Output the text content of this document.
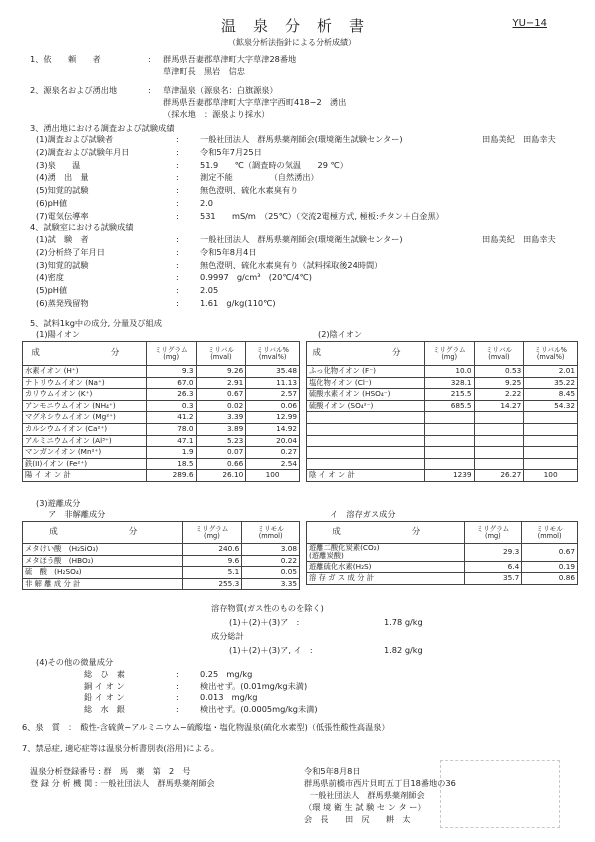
温泉分析書
（鉱泉分析法指針による分析成績）
YU−14
1、依　　頼　　者	: 群馬県吾妻郡草津町大字草津28番地
草津町長　黒岩　信忠
2、源泉名および湧出地	: 草津温泉（源泉名：白旗源泉）
群馬県吾妻郡草津町大字草津字西町418−2　湧出
（採水地　：源泉より採水）
3、湧出地における調査および試験成績
(1)調査および試験者	:	一般社団法人　群馬県薬剤師会(環境衛生試験センター)	田島美紀　田島幸夫
(2)調査および試験年月日	:	令和5年7月25日
(3)泉　　温	:	51.9　　℃（調査時の気温　　29 ℃）
(4)湧　出　量	:	測定不能　　　　　（自然湧出）
(5)知覚的試験	:	無色澄明、硫化水素臭有り
(6)pH値	:	2.0
(7)電気伝導率	:	531　　mS/m　（25℃）（交流2電極方式, 極板:チタン＋白金黒）
4、試験室における試験成績
(1)試　験　者	:	一般社団法人　群馬県薬剤師会(環境衛生試験センター)	田島美紀　田島幸夫
(2)分析終了年月日	:	令和5年8月4日
(3)知覚的試験	:	無色澄明、硫化水素臭有り（試料採取後24時間）
(4)密度	:	0.9997　g/cm³　(20℃/4℃)
(5)pH値	:	2.05
(6)蒸発残留物	:	1.61　g/kg(110℃)
5、試料1kg中の成分, 分量及び組成
(1)陽イオン	(2)陰イオン
成　　分	ミリグラム
(mg)	ミリバル
(mval)	ミリバル%
(mval%)
水素イオン (H⁺)	9.3	9.26	35.48
ナトリウムイオン (Na⁺)	67.0	2.91	11.13
カリウムイオン (K⁺)	26.3	0.67	2.57
アンモニウムイオン (NH₄⁺)	0.3	0.02	0.06
マグネシウムイオン (Mg²⁺)	41.2	3.39	12.99
カルシウムイオン (Ca²⁺)	78.0	3.89	14.92
アルミニウムイオン (Al³⁺)	47.1	5.23	20.04
マンガンイオン (Mn²⁺)	1.9	0.07	0.27
鉄(II)イオン (Fe²⁺)	18.5	0.66	2.54
陽 イ オ ン 計	289.6	26.10	100
成　　分	ミリグラム
(mg)	ミリバル
(mval)	ミリバル%
(mval%)
ふっ化物イオン (F⁻)	10.0	0.53	2.01
塩化物イオン (Cl⁻)	328.1	9.25	35.22
硫酸水素イオン (HSO₄⁻)	215.5	2.22	8.45
硫酸イオン (SO₄²⁻)	685.5	14.27	54.32

陰 イ オ ン 計	1239	26.27	100
(3)遊離成分
ア　非解離成分	イ　溶存ガス成分
成　　分	ミリグラム
(mg)	ミリモル
(mmol)
メタけい酸　(H₂SiO₃)	240.6	3.08
メタほう酸　(HBO₂)	9.6	0.22
硫　酸　(H₂SO₄)	5.1	0.05
非 解 離 成 分 計	255.3	3.35
成　　分	ミリグラム
(mg)	ミリモル
(mmol)

遊離二酸化炭素(CO₂)
(遊離炭酸)	29.3	0.67

遊離硫化水素(H₂S)	6.4	0.19
溶 存 ガ ス 成 分 計	35.7	0.86
溶存物質(ガス性のものを除く)
(1)＋(2)＋(3)ア　:	1.78 g/kg
成分総計
(1)＋(2)＋(3)ア, イ　:	1.82 g/kg
(4)その他の微量成分
総　ひ　素	:	0.25　mg/kg
銅 イ オ ン	:	検出せず。(0.01mg/kg未満)
鉛 イ オ ン	:	0.013　mg/kg
総　水　銀	:	検出せず。(0.0005mg/kg未満)
6、泉　質　：　酸性-含硫黄−アルミニウム−硫酸塩・塩化物温泉(硫化水素型)（低張性酸性高温泉）
7、禁忌症, 適応症等は温泉分析書別表(浴用)による。
温泉分析登録番号 : 群　馬　薬　第　2　号
登 録 分 析 機 関 : 一般社団法人　群馬県薬剤師会
令和5年8月8日
群馬県前橋市西片貝町五丁目18番地の36
一般社団法人　群馬県薬剤師会
（環 境 衛 生 試 験 セ ン タ ー）
会　長　　田　尻　　耕　太
